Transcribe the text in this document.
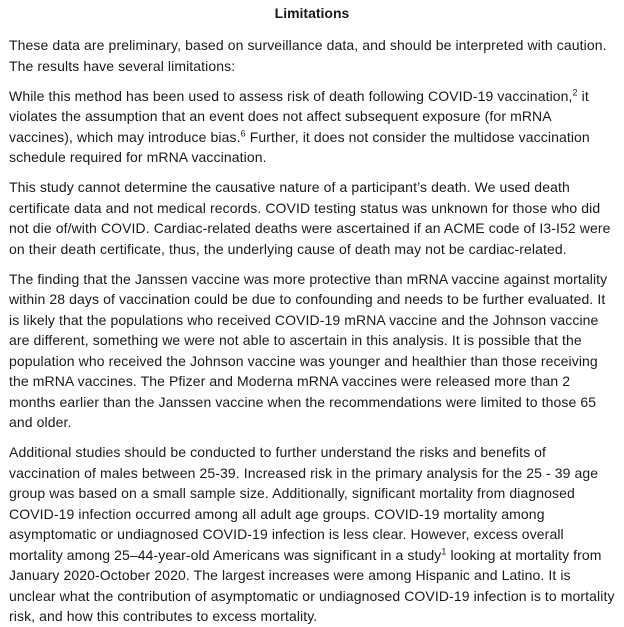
Limitations

These data are preliminary, based on surveillance data, and should be interpreted with caution. The results have several limitations:

While this method has been used to assess risk of death following COVID-19 vaccination,$^2$ it violates the assumption that an event does not affect subsequent exposure (for mRNA vaccines), which may introduce bias.$^6$ Further, it does not consider the multidose vaccination schedule required for mRNA vaccination.

This study cannot determine the causative nature of a participant’s death. We used death certificate data and not medical records. COVID testing status was unknown for those who did not die of/with COVID. Cardiac-related deaths were ascertained if an ACME code of I3-I52 were on their death certificate, thus, the underlying cause of death may not be cardiac-related.

The finding that the Janssen vaccine was more protective than mRNA vaccine against mortality within 28 days of vaccination could be due to confounding and needs to be further evaluated. It is likely that the populations who received COVID-19 mRNA vaccine and the Johnson vaccine are different, something we were not able to ascertain in this analysis. It is possible that the population who received the Johnson vaccine was younger and healthier than those receiving the mRNA vaccines. The Pfizer and Moderna mRNA vaccines were released more than 2 months earlier than the Janssen vaccine when the recommendations were limited to those 65 and older.

Additional studies should be conducted to further understand the risks and benefits of vaccination of males between 25-39. Increased risk in the primary analysis for the 25 - 39 age group was based on a small sample size. Additionally, significant mortality from diagnosed COVID-19 infection occurred among all adult age groups. COVID-19 mortality among asymptomatic or undiagnosed COVID-19 infection is less clear. However, excess overall mortality among 25–44-year-old Americans was significant in a study$^1$ looking at mortality from January 2020-October 2020. The largest increases were among Hispanic and Latino. It is unclear what the contribution of asymptomatic or undiagnosed COVID-19 infection is to mortality risk, and how this contributes to excess mortality.
